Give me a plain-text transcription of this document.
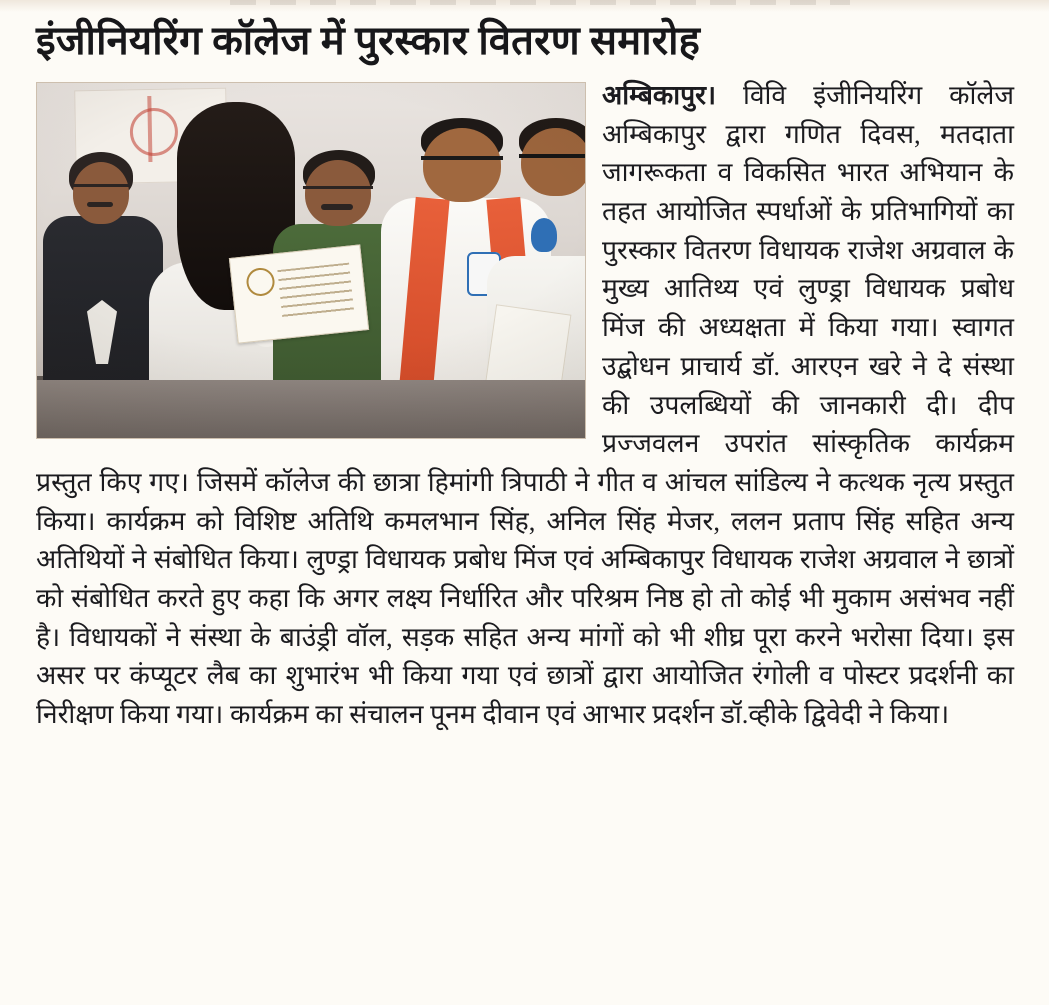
इंजीनियरिंग कॉलेज में पुरस्कार वितरण समारोह
अम्बिकापुर। विवि इंजीनियरिंग कॉलेज अम्बिकापुर द्वारा गणित दिवस, मतदाता जागरूकता व विकसित भारत अभियान के तहत आयोजित स्पर्धाओं के प्रतिभागियों का पुरस्कार वितरण विधायक राजेश अग्रवाल के मुख्य आतिथ्य एवं लुण्ड्रा विधायक प्रबोध मिंज की अध्यक्षता में किया गया। स्वागत उद्बोधन प्राचार्य डॉ. आरएन खरे ने दे संस्था की उपलब्धियों की जानकारी दी। दीप प्रज्जवलन उपरांत सांस्कृतिक कार्यक्रम प्रस्तुत किए गए। जिसमें कॉलेज की छात्रा हिमांगी त्रिपाठी ने गीत व आंचल सांडिल्य ने कत्थक नृत्य प्रस्तुत किया। कार्यक्रम को विशिष्ट अतिथि कमलभान सिंह, अनिल सिंह मेजर, ललन प्रताप सिंह सहित अन्य अतिथियों ने संबोधित किया। लुण्ड्रा विधायक प्रबोध मिंज एवं अम्बिकापुर विधायक राजेश अग्रवाल ने छात्रों को संबोधित करते हुए कहा कि अगर लक्ष्य निर्धारित और परिश्रम निष्ठ हो तो कोई भी मुकाम असंभव नहीं है। विधायकों ने संस्था के बाउंड्री वॉल, सड़क सहित अन्य मांगों को भी शीघ्र पूरा करने भरोसा दिया। इस असर पर कंप्यूटर लैब का शुभारंभ भी किया गया एवं छात्रों द्वारा आयोजित रंगोली व पोस्टर प्रदर्शनी का निरीक्षण किया गया। कार्यक्रम का संचालन पूनम दीवान एवं आभार प्रदर्शन डॉ.व्हीके द्विवेदी ने किया।
